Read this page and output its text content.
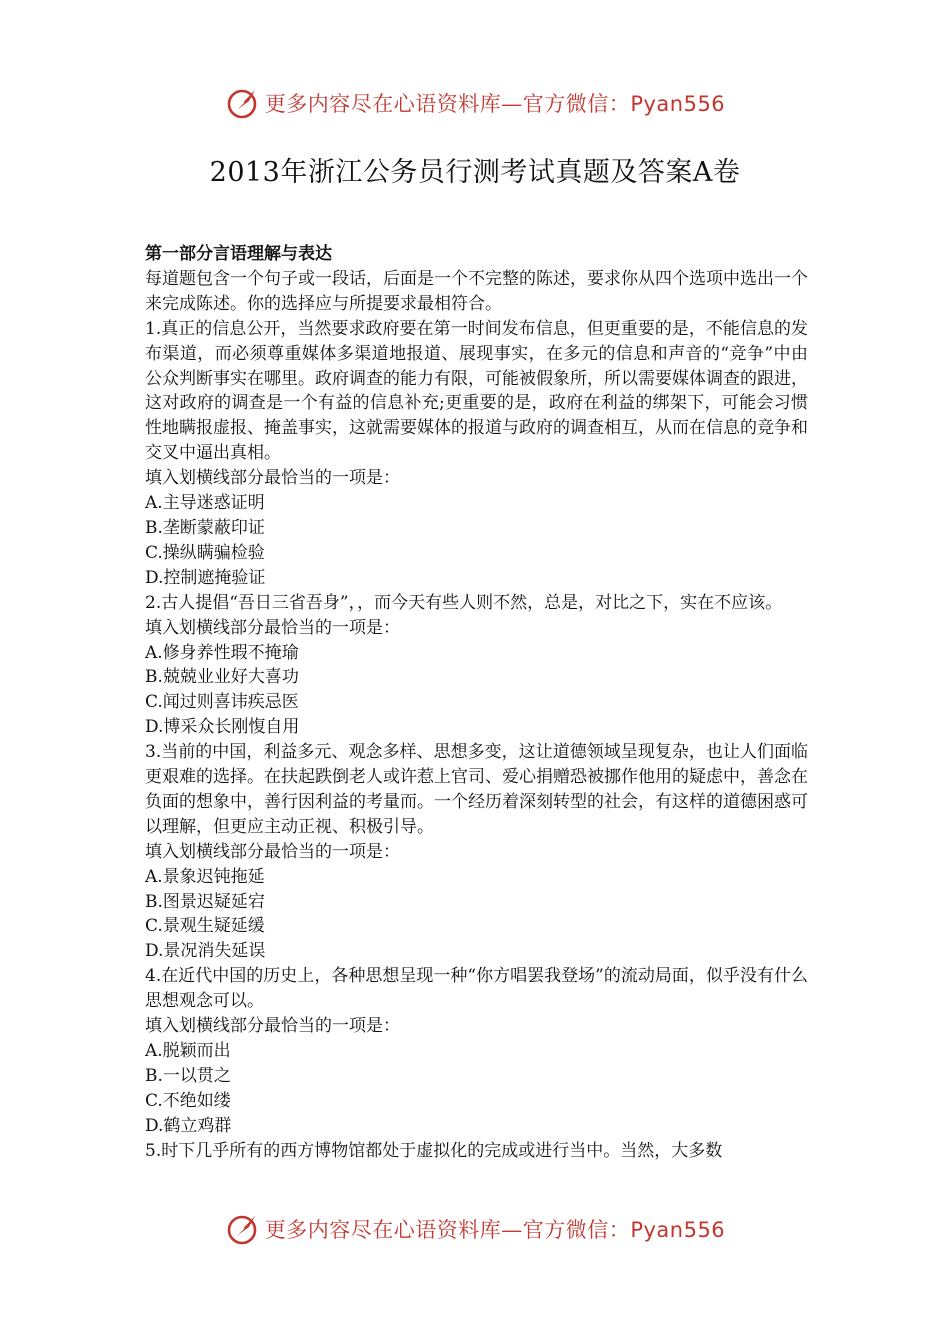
更多内容尽在心语资料库—官方微信：Pyan556
2013年浙江公务员行测考试真题及答案A卷

第一部分言语理解与表达

每道题包含一个句子或一段话，后面是一个不完整的陈述，要求你从四个选项中选出一个来完成陈述。你的选择应与所提要求最相符合。

1.真正的信息公开，当然要求政府要在第一时间发布信息，但更重要的是，不能信息的发布渠道，而必须尊重媒体多渠道地报道、展现事实，在多元的信息和声音的“竞争”中由公众判断事实在哪里。政府调查的能力有限，可能被假象所，所以需要媒体调查的跟进，这对政府的调查是一个有益的信息补充;更重要的是，政府在利益的绑架下，可能会习惯性地瞒报虚报、掩盖事实，这就需要媒体的报道与政府的调查相互，从而在信息的竞争和交叉中逼出真相。

填入划横线部分最恰当的一项是：

A.主导迷惑证明

B.垄断蒙蔽印证

C.操纵瞒骗检验

D.控制遮掩验证

2.古人提倡“吾日三省吾身”，，而今天有些人则不然，总是，对比之下，实在不应该。

填入划横线部分最恰当的一项是：

A.修身养性瑕不掩瑜

B.兢兢业业好大喜功

C.闻过则喜讳疾忌医

D.博采众长刚愎自用

3.当前的中国，利益多元、观念多样、思想多变，这让道德领域呈现复杂，也让人们面临更艰难的选择。在扶起跌倒老人或许惹上官司、爱心捐赠恐被挪作他用的疑虑中，善念在负面的想象中，善行因利益的考量而。一个经历着深刻转型的社会，有这样的道德困惑可以理解，但更应主动正视、积极引导。

填入划横线部分最恰当的一项是：

A.景象迟钝拖延

B.图景迟疑延宕

C.景观生疑延缓

D.景况消失延误

4.在近代中国的历史上，各种思想呈现一种“你方唱罢我登场”的流动局面，似乎没有什么思想观念可以。

填入划横线部分最恰当的一项是：

A.脱颖而出

B.一以贯之

C.不绝如缕

D.鹤立鸡群

5.时下几乎所有的西方博物馆都处于虚拟化的完成或进行当中。当然，大多数

更多内容尽在心语资料库—官方微信：Pyan556
